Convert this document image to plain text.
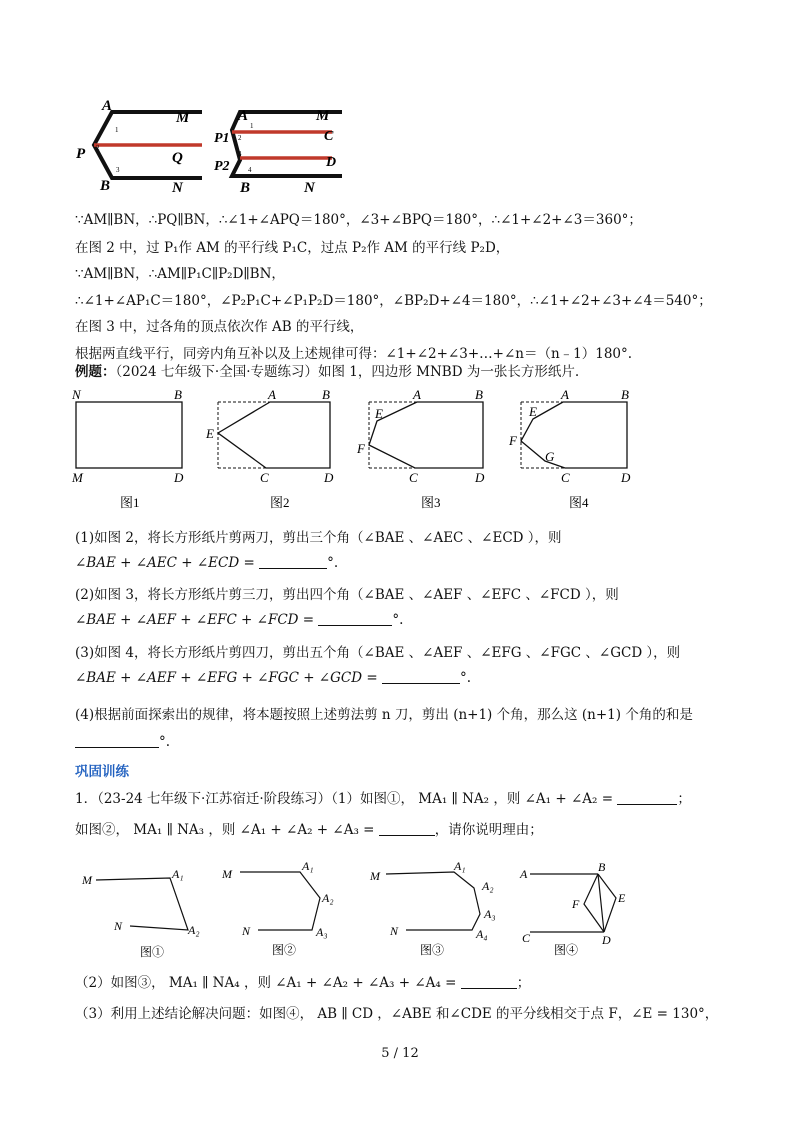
A
M
P	Q
B	N
1
2
3
A	M
P1	C
P2	D
B	N
1
2
3
4
∵AM∥BN，∴PQ∥BN，∴∠1+∠APQ＝180°，∠3+∠BPQ＝180°，∴∠1+∠2+∠3＝360°；
在图 2 中，过 P₁作 AM 的平行线 P₁C，过点 P₂作 AM 的平行线 P₂D，
∵AM∥BN，∴AM∥P₁C∥P₂D∥BN，
∴∠1+∠AP₁C＝180°，∠P₂P₁C+∠P₁P₂D＝180°，∠BP₂D+∠4＝180°，∴∠1+∠2+∠3+∠4＝540°；
在图 3 中，过各角的顶点依次作 AB 的平行线，
根据两直线平行，同旁内角互补以及上述规律可得：∠1+∠2+∠3+…+∠n＝（n﹣1）180°.
例题：（2024 七年级下·全国·专题练习）如图 1，四边形 MNBD 为一张长方形纸片.
N	B
M	D
图1
A	B
E
C	D
图2
E
A	B
F
C	D
图3
E
A	B
F
G
C	D
图4
(1)如图 2，将长方形纸片剪两刀，剪出三个角（∠BAE 、∠AEC 、∠ECD ），则
∠BAE + ∠AEC + ∠ECD =	°.
(2)如图 3，将长方形纸片剪三刀，剪出四个角（∠BAE 、∠AEF 、∠EFC 、∠FCD ），则
∠BAE + ∠AEF + ∠EFC + ∠FCD =	°.
(3)如图 4，将长方形纸片剪四刀，剪出五个角（∠BAE 、∠AEF 、∠EFG 、∠FGC 、∠GCD ），则
∠BAE + ∠AEF + ∠EFG + ∠FGC + ∠GCD =	°.
(4)根据前面探索出的规律，将本题按照上述剪法剪 n 刀，剪出 (n+1) 个角，那么这 (n+1) 个角的和是
°.
巩固训练
1．（23-24 七年级下·江苏宿迁·阶段练习）（1）如图①， MA₁ ∥ NA₂ ，则 ∠A₁ + ∠A₂ =	；
如图②， MA₁ ∥ NA₃ ，则 ∠A₁ + ∠A₂ + ∠A₃ =	，请你说明理由；
M	A₁
N	A₂
图①
M
A₁
A₂
N	A₃
图②
M
A₁
A₂
A₃
N	A₄
图③
A	B
F	E
C	D
图④
（2）如图③， MA₁ ∥ NA₄ ，则 ∠A₁ + ∠A₂ + ∠A₃ + ∠A₄ =	；
（3）利用上述结论解决问题：如图④， AB ∥ CD ，∠ABE 和∠CDE 的平分线相交于点 F，∠E = 130°，
5 / 12
